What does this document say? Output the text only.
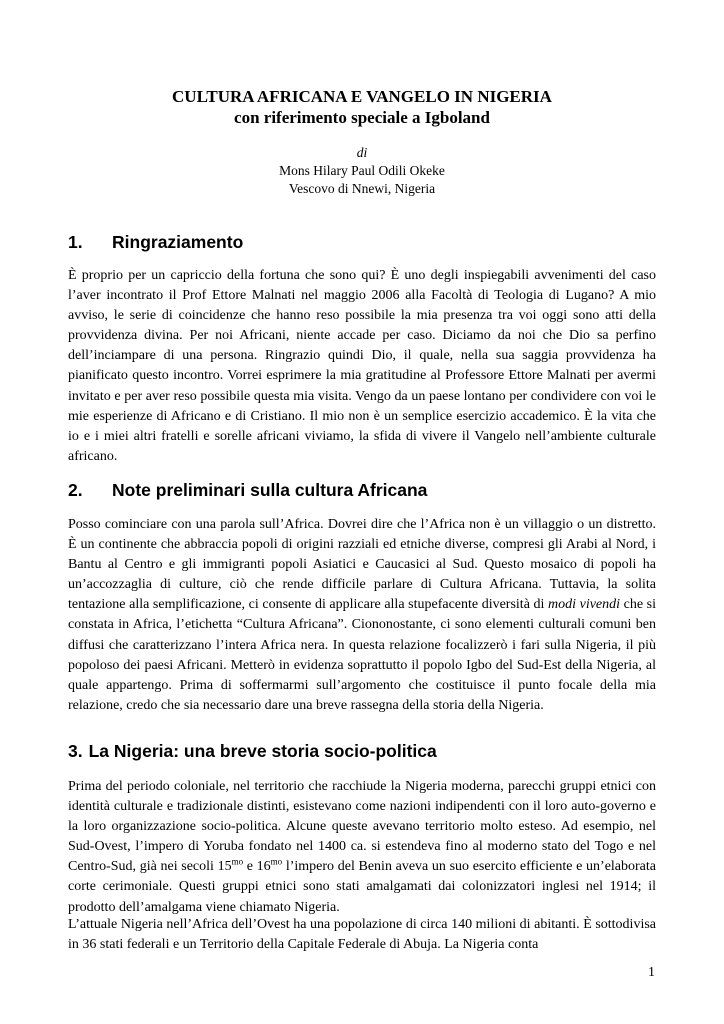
CULTURA AFRICANA E VANGELO IN NIGERIA
con riferimento speciale a Igboland
di
Mons Hilary Paul Odili Okeke
Vescovo di Nnewi, Nigeria
1. Ringraziamento

È proprio per un capriccio della fortuna che sono qui? È uno degli inspiegabili avvenimenti del caso l’aver incontrato il Prof Ettore Malnati nel maggio 2006 alla Facoltà di Teologia di Lugano? A mio avviso, le serie di coincidenze che hanno reso possibile la mia presenza tra voi oggi sono atti della provvidenza divina. Per noi Africani, niente accade per caso. Diciamo da noi che Dio sa perfino dell’inciampare di una persona. Ringrazio quindi Dio, il quale, nella sua saggia provvidenza ha pianificato questo incontro. Vorrei esprimere la mia gratitudine al Professore Ettore Malnati per avermi invitato e per aver reso possibile questa mia visita. Vengo da un paese lontano per condividere con voi le mie esperienze di Africano e di Cristiano. Il mio non è un semplice esercizio accademico. È la vita che io e i miei altri fratelli e sorelle africani viviamo, la sfida di vivere il Vangelo nell’ambiente culturale africano.

2. Note preliminari sulla cultura Africana

Posso cominciare con una parola sull’Africa. Dovrei dire che l’Africa non è un villaggio o un distretto. È un continente che abbraccia popoli di origini razziali ed etniche diverse, compresi gli Arabi al Nord, i Bantu al Centro e gli immigranti popoli Asiatici e Caucasici al Sud. Questo mosaico di popoli ha un’accozzaglia di culture, ciò che rende difficile parlare di Cultura Africana. Tuttavia, la solita tentazione alla semplificazione, ci consente di applicare alla stupefacente diversità di modi vivendi che si constata in Africa, l’etichetta “Cultura Africana”. Ciononostante, ci sono elementi culturali comuni ben diffusi che caratterizzano l’intera Africa nera. In questa relazione focalizzerò i fari sulla Nigeria, il più popoloso dei paesi Africani. Metterò in evidenza soprattutto il popolo Igbo del Sud-Est della Nigeria, al quale appartengo. Prima di soffermarmi sull’argomento che costituisce il punto focale della mia relazione, credo che sia necessario dare una breve rassegna della storia della Nigeria.

3. La Nigeria: una breve storia socio-politica

Prima del periodo coloniale, nel territorio che racchiude la Nigeria moderna, parecchi gruppi etnici con identità culturale e tradizionale distinti, esistevano come nazioni indipendenti con il loro auto-governo e la loro organizzazione socio-politica. Alcune queste avevano territorio molto esteso. Ad esempio, nel Sud-Ovest, l’impero di Yoruba fondato nel 1400 ca. si estendeva fino al moderno stato del Togo e nel Centro-Sud, già nei secoli $15^{mo}$ e $16^{mo}$ l’impero del Benin aveva un suo esercito efficiente e un’elaborata corte cerimoniale. Questi gruppi etnici sono stati amalgamati dai colonizzatori inglesi nel 1914; il prodotto dell’amalgama viene chiamato Nigeria.

L’attuale Nigeria nell’Africa dell’Ovest ha una popolazione di circa 140 milioni di abitanti. È sottodivisa in 36 stati federali e un Territorio della Capitale Federale di Abuja. La Nigeria conta

1
